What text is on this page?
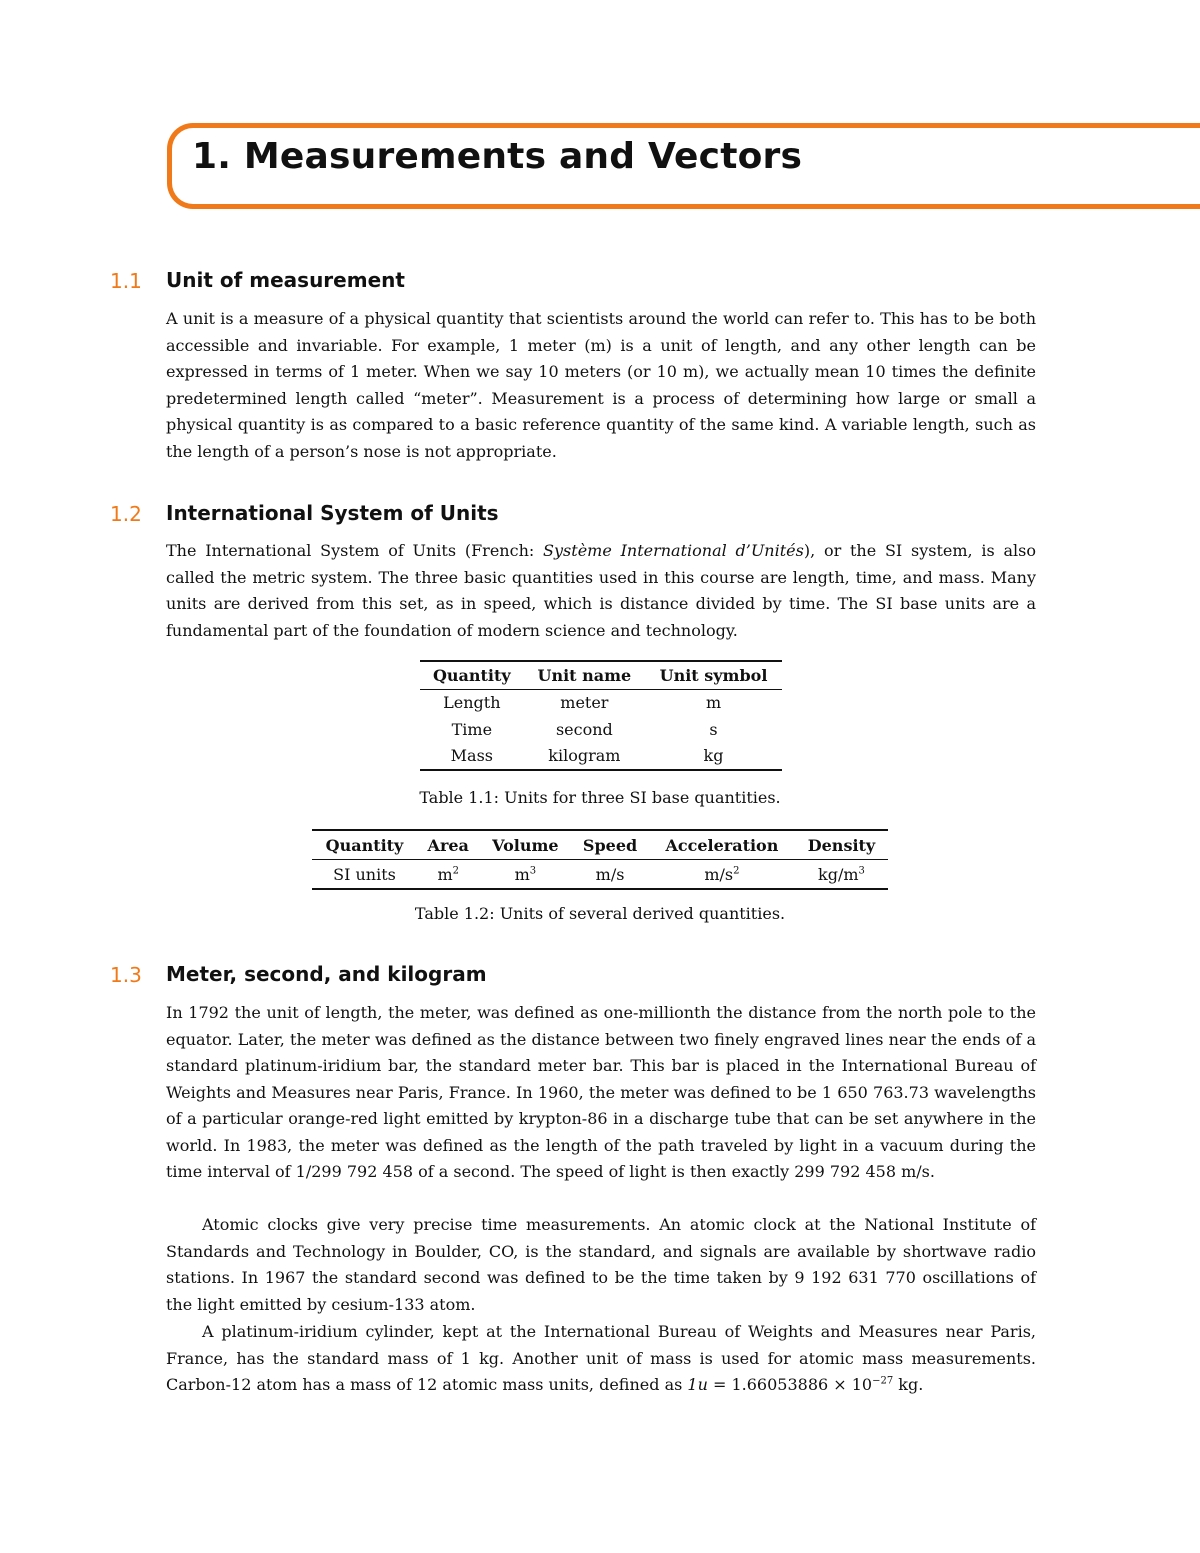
1. Measurements and Vectors
1.1 Unit of measurement

A unit is a measure of a physical quantity that scientists around the world can refer to. This has to be both accessible and invariable. For example, 1 meter (m) is a unit of length, and any other length can be expressed in terms of 1 meter. When we say 10 meters (or 10 m), we actually mean 10 times the definite predetermined length called “meter”. Measurement is a process of determining how large or small a physical quantity is as compared to a basic reference quantity of the same kind. A variable length, such as the length of a person’s nose is not appropriate.

1.2 International System of Units

The International System of Units (French: Système International d’Unités), or the SI system, is also called the metric system. The three basic quantities used in this course are length, time, and mass. Many units are derived from this set, as in speed, which is distance divided by time. The SI base units are a fundamental part of the foundation of modern science and technology.

Quantity	Unit name	Unit symbol
Length	meter	m
Time	second	s
Mass	kilogram	kg

Table 1.1: Units for three SI base quantities.

Quantity	Area	Volume	Speed	Acceleration	Density
SI units	$m^2$	$m^3$	m/s	$m/s^2$	$kg/m^3$

Table 1.2: Units of several derived quantities.

1.3 Meter, second, and kilogram

In 1792 the unit of length, the meter, was defined as one-millionth the distance from the north pole to the equator. Later, the meter was defined as the distance between two finely engraved lines near the ends of a standard platinum-iridium bar, the standard meter bar. This bar is placed in the International Bureau of Weights and Measures near Paris, France. In 1960, the meter was defined to be 1 650 763.73 wavelengths of a particular orange-red light emitted by krypton-86 in a discharge tube that can be set anywhere in the world. In 1983, the meter was defined as the length of the path traveled by light in a vacuum during the time interval of 1/299 792 458 of a second. The speed of light is then exactly 299 792 458 m/s.

Atomic clocks give very precise time measurements. An atomic clock at the National Institute of Standards and Technology in Boulder, CO, is the standard, and signals are available by shortwave radio stations. In 1967 the standard second was defined to be the time taken by 9 192 631 770 oscillations of the light emitted by cesium-133 atom.

A platinum-iridium cylinder, kept at the International Bureau of Weights and Measures near Paris, France, has the standard mass of 1 kg. Another unit of mass is used for atomic mass measurements. Carbon-12 atom has a mass of 12 atomic mass units, defined as $1u = 1.66053886 \times 10^{-27}$ kg.
